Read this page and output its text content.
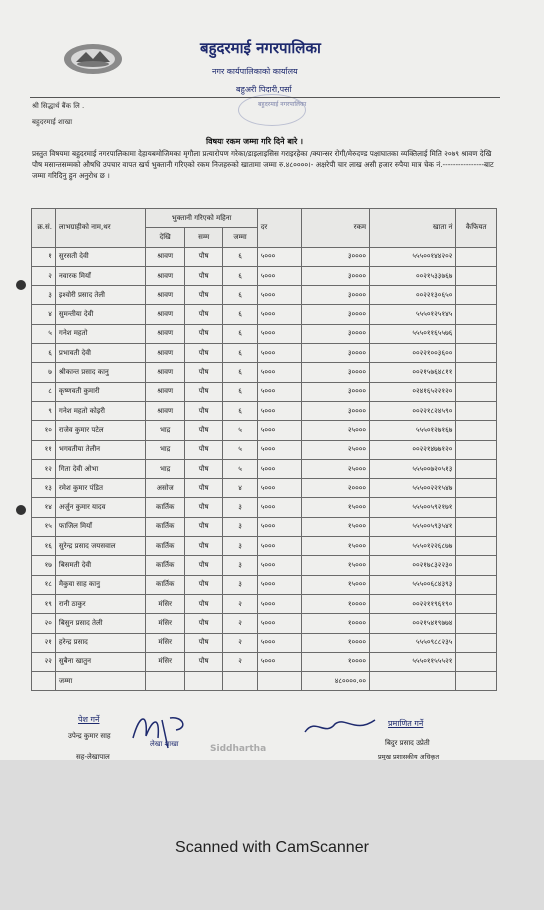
बहुदरमाई नगरपालिका
नगर कार्यपालिकाको कार्यालय
बहुअरी पिदारी,पर्सा
बहुदरमाई नगरपालिका
श्री सिद्धार्थ बैंक लि .
बहुदरमाई शाखा
विषयः रकम जम्मा गरि दिने बारे ।
प्रस्तुत विषयमा बहुदरमाई नगरपालिकामा देहायबमोजिमका मृगौला प्रत्यारोपण गरेका/डाइलाइसिस गराइरहेका /क्यान्सर रोगी/मेरुदण्ड पक्षाघातका व्यक्तिलाई मिति २०७९ श्रावण देखि पौष मसान्तसम्मको औषधि उपचार वापत खर्च भुक्तानी गरिएको रकम निजहरुको खातामा जम्मा रु.४८००००।- अक्षरेपी चार लाख असी हजार रुपैया मात्र चेक नं.----------------बाट जम्मा गरिदिनु हुन अनुरोध छ ।
क्र.सं.	लाभग्राहीको नाम,थर	भुक्तानी गरिएको महिना			दर	रकम	खाता नं	कैफियत
		देखि	सम्म	जम्मा				
१	सुरसती देवी	श्रावण	पौष	६	५०००	३००००	५५५००१४४२०२	
२	नवारक मियाँ	श्रावण	पौष	६	५०००	३००००	००२१५३३७६७	
३	इश्वोरी प्रसाद तेली	श्रावण	पौष	६	५०००	३००००	००२२१३०६५०	
४	सुमन्तीया देवी	श्रावण	पौष	६	५०००	३००००	५५५०१२५१४५	
५	गनेश महतो	श्रावण	पौष	६	५०००	३००००	५५५०११६५५७६	
६	प्रभावती देवी	श्रावण	पौष	६	५०००	३००००	००२२१००३६००	
७	श्रीकान्त प्रसाद कानु	श्रावण	पौष	६	५०००	३००००	००२१५७६४८११	
८	कृष्णवती कुमारी	श्रावण	पौष	६	५०००	३००००	०२४१६५२२१२०	
९	गनेश महतो कोइरी	श्रावण	पौष	६	५०००	३००००	००२२१८२४५९०	
१०	राजेव कुमार पटेल	भाद्र	पौष	५	५०००	२५०००	५५५०१२७१६७	
११	भगवतीया तेलीन	भाद्र	पौष	५	५०००	२५०००	००२२१४७७१२०	
१२	गिता देवी ओभा	भाद्र	पौष	५	५०००	२५०००	५५५००७२०५१३	
१३	रमेश कुमार पंडित	असोज	पौष	४	५०००	२००००	५५५००२२१५४७	
१४	अर्जुन कुमार यादव	कार्तिक	पौष	३	५०००	१५०००	५५५००५९२१७१	
१५	फाजिल मियाँ	कार्तिक	पौष	३	५०००	१५०००	५५५००५९३५४१	
१६	सुरेन्द्र प्रसाद जयसवाल	कार्तिक	पौष	३	५०००	१५०००	५५५०१२२६८७७	
१७	बिसमती देवी	कार्तिक	पौष	३	५०००	१५०००	००२१७८३२२३०	
१८	मैकुवा साह कानु	कार्तिक	पौष	३	५०००	१५०००	५५५००६८४३९३	
१९	रानी ठाकुर	मंसिर	पौष	२	५०००	१००००	००२२११९६१९०	
२०	बिसुन प्रसाद तेली	मंसिर	पौष	२	५०००	१००००	००२१५४१९७७४	
२१	हरेन्द्र प्रसाद	मंसिर	पौष	२	५०००	१००००	५५५०९८८२३५	
२२	सुबैना खातुन	मंसिर	पौष	२	५०००	१००००	५५५०११५५५२१	
	जम्मा					४८००००.००		
पेश गर्ने
उपेन्द्र कुमार साह
सह-लेखापाल
लेखा शाखा	Siddhartha
प्रमाणित गर्ने
बिदुर प्रसाद उप्रेती
प्रमुख प्रशासकीय अधिकृत
Scanned with CamScanner
